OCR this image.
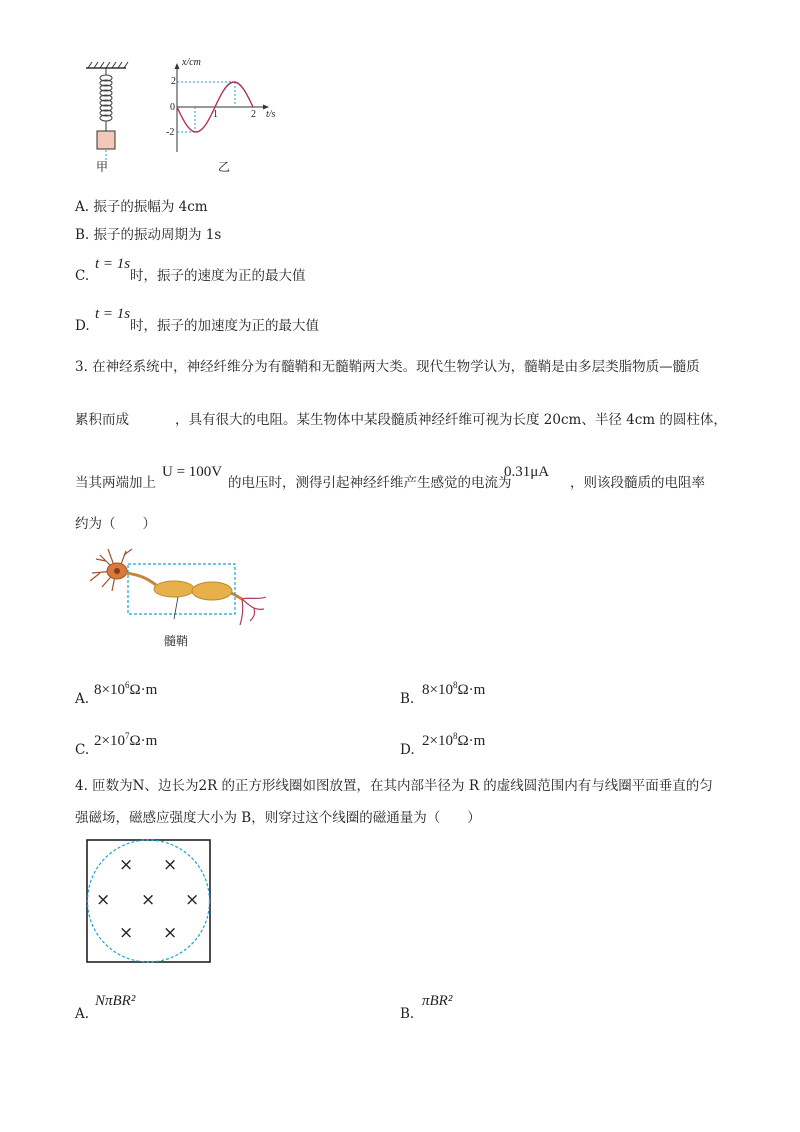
甲
x/cm
2
0
-2
1	2 t/s
乙
A. 振子的振幅为 4cm
B. 振子的振动周期为 1s
C.
t = 1s
时，振子的速度为正的最大值
D.
t = 1s
时，振子的加速度为正的最大值
3. 在神经系统中，神经纤维分为有髓鞘和无髓鞘两大类。现代生物学认为，髓鞘是由多层类脂物质—髓质
累积而成	，具有很大的电阻。某生物体中某段髓质神经纤维可视为长度 20cm、半径 4cm 的圆柱体，
当其两端加上
U = 100V
的电压时，测得引起神经纤维产生感觉的电流为
0.31μA
，则该段髓质的电阻率
约为（　　）
髓鞘
A.
$8\times 10^6\Omega\cdot m$
B.
$8\times 10^8\Omega\cdot m$
C.
$2\times 10^7\Omega\cdot m$
D.
$2\times 10^8\Omega\cdot m$
4. 匝数为N、边长为2R 的正方形线圈如图放置，在其内部半径为 R 的虚线圆范围内有与线圈平面垂直的匀
强磁场，磁感应强度大小为 B，则穿过这个线圈的磁通量为（　　）
× ×
× × ×
× ×
A.
NπBR²
B.
πBR²
